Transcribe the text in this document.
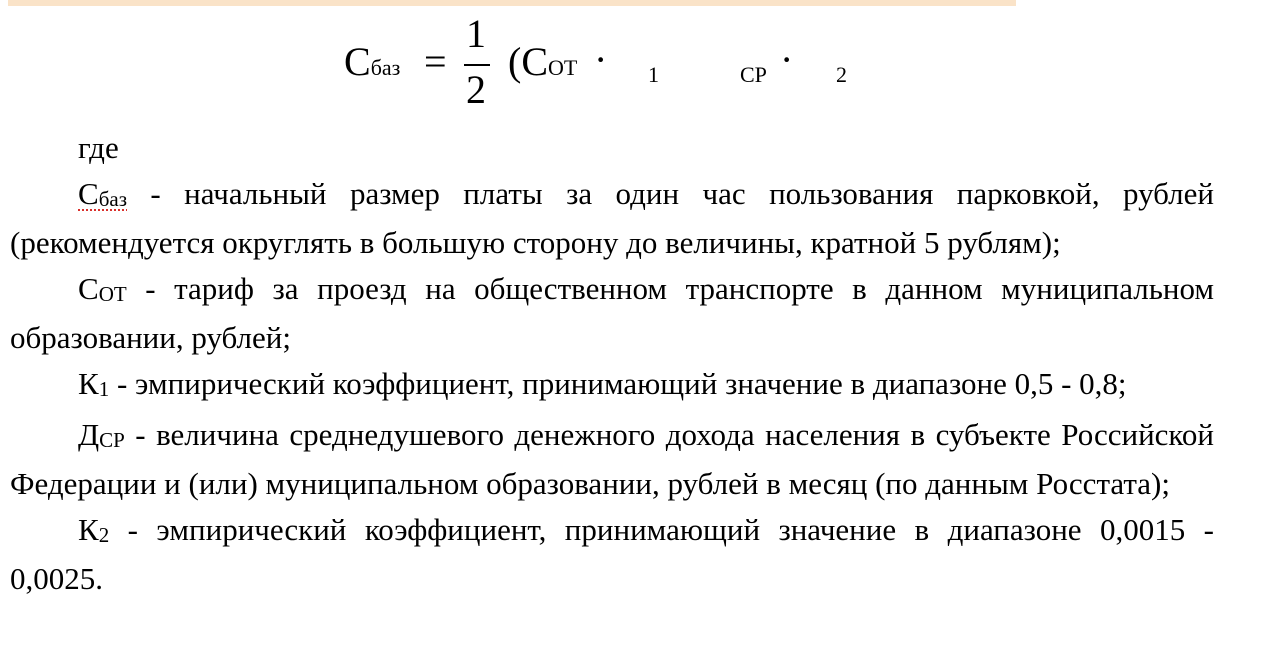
Cбаз =
1
2
(CОТ · 1	СР · 2

где

Cбаз - начальный размер платы за один час пользования парковкой, рублей (рекомендуется округлять в большую сторону до величины, кратной 5 рублям);

CОТ - тариф за проезд на общественном транспорте в данном муниципальном образовании, рублей;

К1 - эмпирический коэффициент, принимающий значение в диапазоне 0,5 - 0,8;

ДСР - величина среднедушевого денежного дохода населения в субъекте Российской Федерации и (или) муниципальном образовании, рублей в месяц (по данным Росстата);

К2 - эмпирический коэффициент, принимающий значение в диапазоне 0,0015 - 0,0025.
